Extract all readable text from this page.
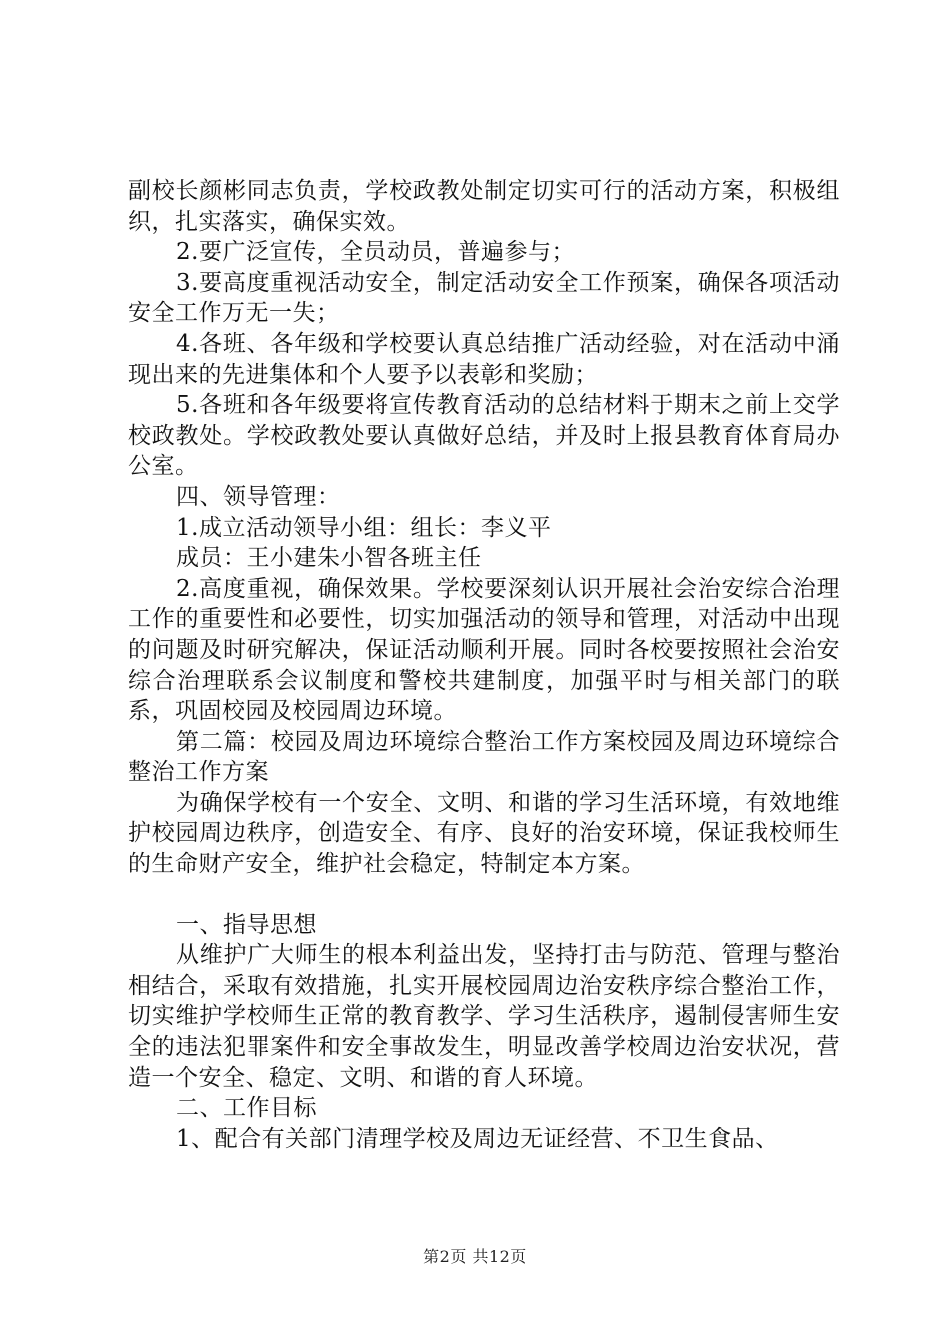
副校长颜彬同志负责，学校政教处制定切实可行的活动方案，积极组织，扎实落实，确保实效。

2.要广泛宣传，全员动员，普遍参与；

3.要高度重视活动安全，制定活动安全工作预案，确保各项活动安全工作万无一失；

4.各班、各年级和学校要认真总结推广活动经验，对在活动中涌现出来的先进集体和个人要予以表彰和奖励；

5.各班和各年级要将宣传教育活动的总结材料于期末之前上交学校政教处。学校政教处要认真做好总结，并及时上报县教育体育局办公室。

四、领导管理：

1.成立活动领导小组：组长：李义平

成员：王小建朱小智各班主任

2.高度重视，确保效果。学校要深刻认识开展社会治安综合治理工作的重要性和必要性，切实加强活动的领导和管理，对活动中出现的问题及时研究解决，保证活动顺利开展。同时各校要按照社会治安综合治理联系会议制度和警校共建制度，加强平时与相关部门的联系，巩固校园及校园周边环境。

第二篇：校园及周边环境综合整治工作方案校园及周边环境综合整治工作方案

为确保学校有一个安全、文明、和谐的学习生活环境，有效地维护校园周边秩序，创造安全、有序、良好的治安环境，保证我校师生的生命财产安全，维护社会稳定，特制定本方案。

一、指导思想

从维护广大师生的根本利益出发，坚持打击与防范、管理与整治相结合，采取有效措施，扎实开展校园周边治安秩序综合整治工作，切实维护学校师生正常的教育教学、学习生活秩序，遏制侵害师生安全的违法犯罪案件和安全事故发生，明显改善学校周边治安状况，营造一个安全、稳定、文明、和谐的育人环境。

二、工作目标

1、配合有关部门清理学校及周边无证经营、不卫生食品、

第2页 共12页
